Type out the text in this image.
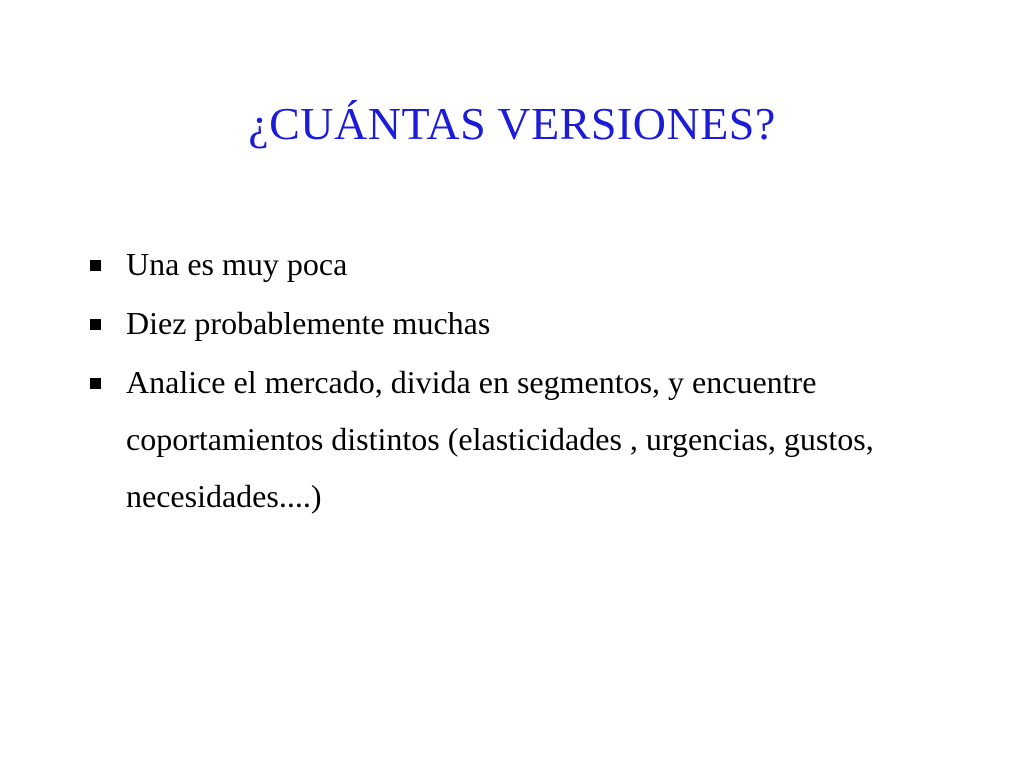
¿CUÁNTAS VERSIONES?
Una es muy poca
Diez probablemente muchas
Analice el mercado, divida en segmentos, y encuentre coportamientos distintos (elasticidades , urgencias, gustos, necesidades....)
